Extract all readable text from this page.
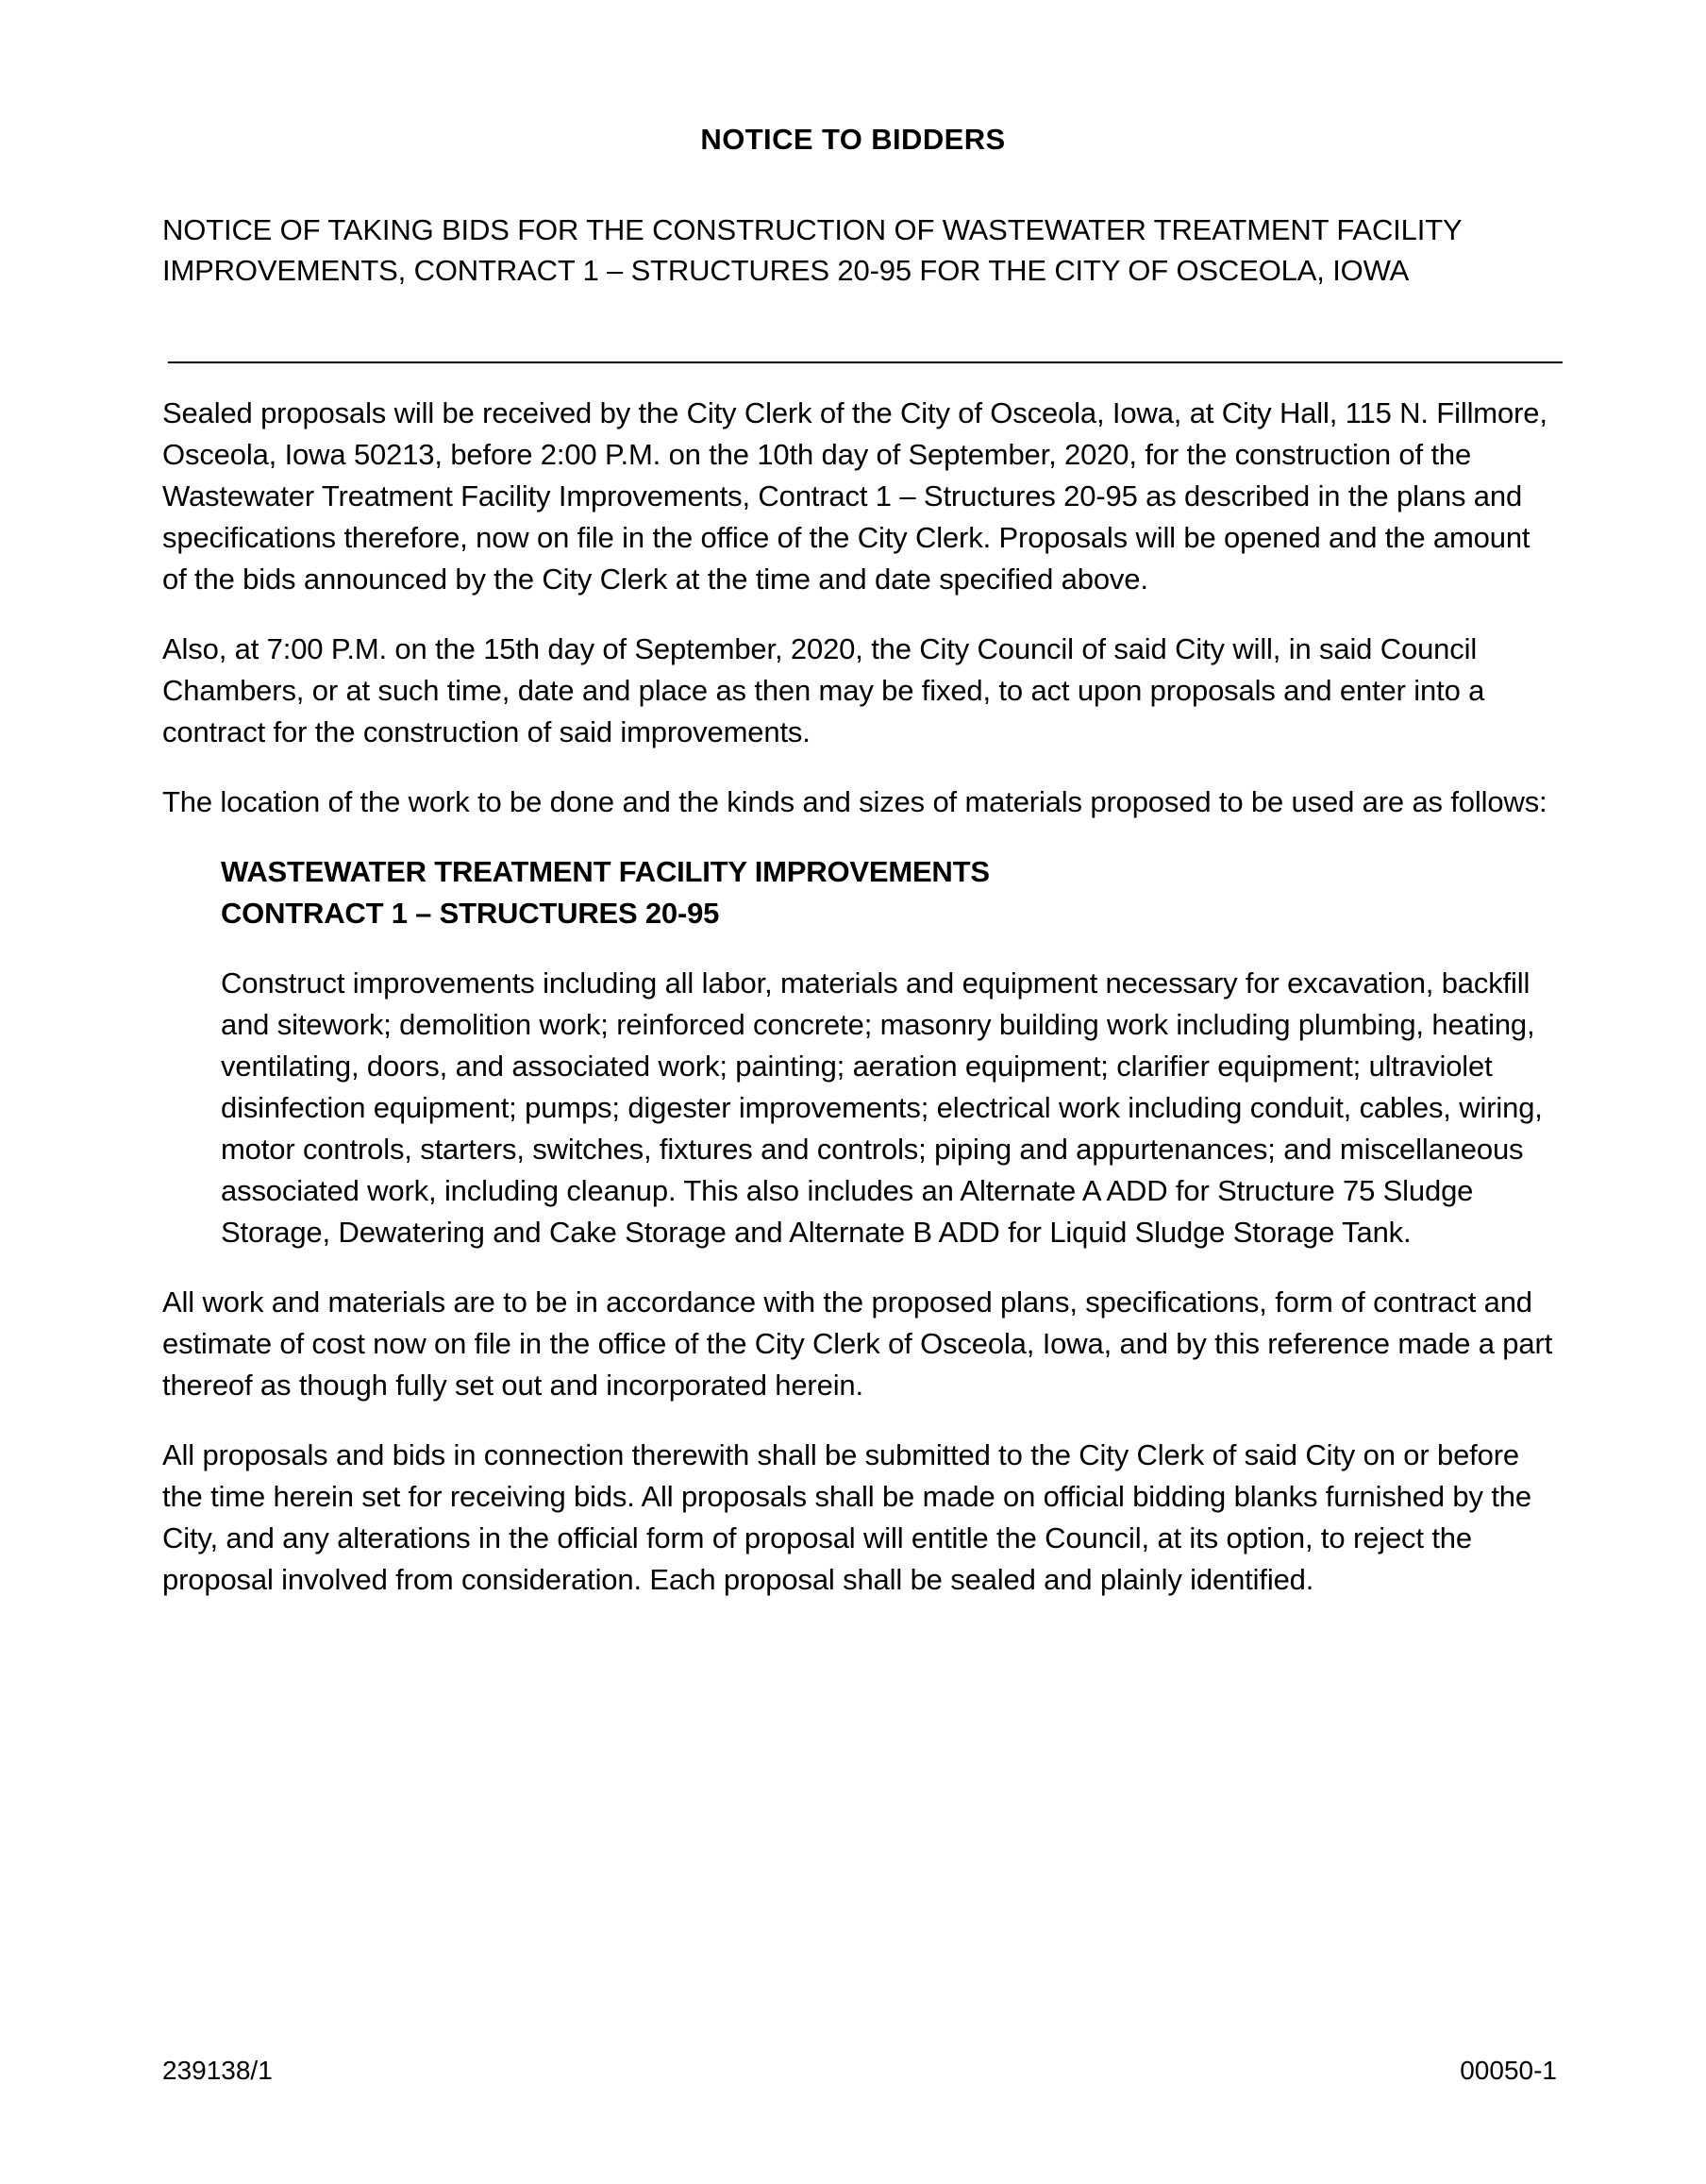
NOTICE TO BIDDERS
NOTICE OF TAKING BIDS FOR THE CONSTRUCTION OF WASTEWATER TREATMENT FACILITY IMPROVEMENTS, CONTRACT 1 – STRUCTURES 20-95 FOR THE CITY OF OSCEOLA, IOWA

Sealed proposals will be received by the City Clerk of the City of Osceola, Iowa, at City Hall, 115 N. Fillmore, Osceola, Iowa 50213, before 2:00 P.M. on the 10th day of September, 2020, for the construction of the Wastewater Treatment Facility Improvements, Contract 1 – Structures 20-95 as described in the plans and specifications therefore, now on file in the office of the City Clerk. Proposals will be opened and the amount of the bids announced by the City Clerk at the time and date specified above.

Also, at 7:00 P.M. on the 15th day of September, 2020, the City Council of said City will, in said Council Chambers, or at such time, date and place as then may be fixed, to act upon proposals and enter into a contract for the construction of said improvements.

The location of the work to be done and the kinds and sizes of materials proposed to be used are as follows:

WASTEWATER TREATMENT FACILITY IMPROVEMENTS

CONTRACT 1 – STRUCTURES 20-95

Construct improvements including all labor, materials and equipment necessary for excavation, backfill and sitework; demolition work; reinforced concrete; masonry building work including plumbing, heating, ventilating, doors, and associated work; painting; aeration equipment; clarifier equipment; ultraviolet disinfection equipment; pumps; digester improvements; electrical work including conduit, cables, wiring, motor controls, starters, switches, fixtures and controls; piping and appurtenances; and miscellaneous associated work, including cleanup. This also includes an Alternate A ADD for Structure 75 Sludge Storage, Dewatering and Cake Storage and Alternate B ADD for Liquid Sludge Storage Tank.

All work and materials are to be in accordance with the proposed plans, specifications, form of contract and estimate of cost now on file in the office of the City Clerk of Osceola, Iowa, and by this reference made a part thereof as though fully set out and incorporated herein.

All proposals and bids in connection therewith shall be submitted to the City Clerk of said City on or before the time herein set for receiving bids. All proposals shall be made on official bidding blanks furnished by the City, and any alterations in the official form of proposal will entitle the Council, at its option, to reject the proposal involved from consideration. Each proposal shall be sealed and plainly identified.

239138/1	00050-1
